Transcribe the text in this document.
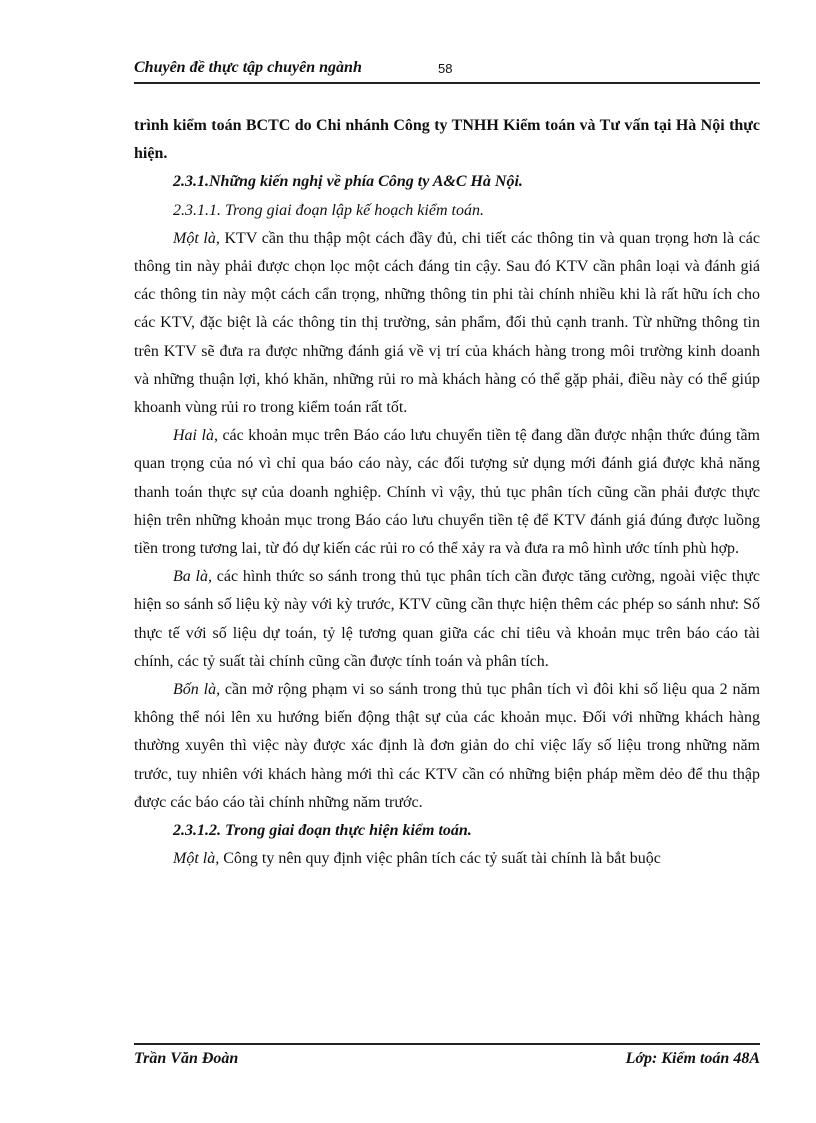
Chuyên đề thực tập chuyên ngành	58

trình kiểm toán BCTC do Chi nhánh Công ty TNHH Kiểm toán và Tư vấn tại Hà Nội thực hiện.

2.3.1.Những kiến nghị về phía Công ty A&C Hà Nội.

2.3.1.1. Trong giai đoạn lập kế hoạch kiểm toán.

Một là, KTV cần thu thập một cách đầy đủ, chi tiết các thông tin và quan trọng hơn là các thông tin này phải được chọn lọc một cách đáng tin cậy. Sau đó KTV cần phân loại và đánh giá các thông tin này một cách cẩn trọng, những thông tin phi tài chính nhiều khi là rất hữu ích cho các KTV, đặc biệt là các thông tin thị trường, sản phẩm, đối thủ cạnh tranh. Từ những thông tin trên KTV sẽ đưa ra được những đánh giá về vị trí của khách hàng trong môi trường kinh doanh và những thuận lợi, khó khăn, những rủi ro mà khách hàng có thể gặp phải, điều này có thể giúp khoanh vùng rủi ro trong kiểm toán rất tốt.

Hai là, các khoản mục trên Báo cáo lưu chuyển tiền tệ đang dần được nhận thức đúng tầm quan trọng của nó vì chỉ qua báo cáo này, các đối tượng sử dụng mới đánh giá được khả năng thanh toán thực sự của doanh nghiệp. Chính vì vậy, thủ tục phân tích cũng cần phải được thực hiện trên những khoản mục trong Báo cáo lưu chuyển tiền tệ để KTV đánh giá đúng được luồng tiền trong tương lai, từ đó dự kiến các rủi ro có thể xảy ra và đưa ra mô hình ước tính phù hợp.

Ba là, các hình thức so sánh trong thủ tục phân tích cần được tăng cường, ngoài việc thực hiện so sánh số liệu kỳ này với kỳ trước, KTV cũng cần thực hiện thêm các phép so sánh như: Số thực tế với số liệu dự toán, tỷ lệ tương quan giữa các chỉ tiêu và khoản mục trên báo cáo tài chính, các tỷ suất tài chính cũng cần được tính toán và phân tích.

Bốn là, cần mở rộng phạm vi so sánh trong thủ tục phân tích vì đôi khi số liệu qua 2 năm không thể nói lên xu hướng biến động thật sự của các khoản mục. Đối với những khách hàng thường xuyên thì việc này được xác định là đơn giản do chỉ việc lấy số liệu trong những năm trước, tuy nhiên với khách hàng mới thì các KTV cần có những biện pháp mềm dẻo để thu thập được các báo cáo tài chính những năm trước.

2.3.1.2. Trong giai đoạn thực hiện kiểm toán.

Một là, Công ty nên quy định việc phân tích các tỷ suất tài chính là bắt buộc

Trần Văn Đoàn	Lớp: Kiểm toán 48A
